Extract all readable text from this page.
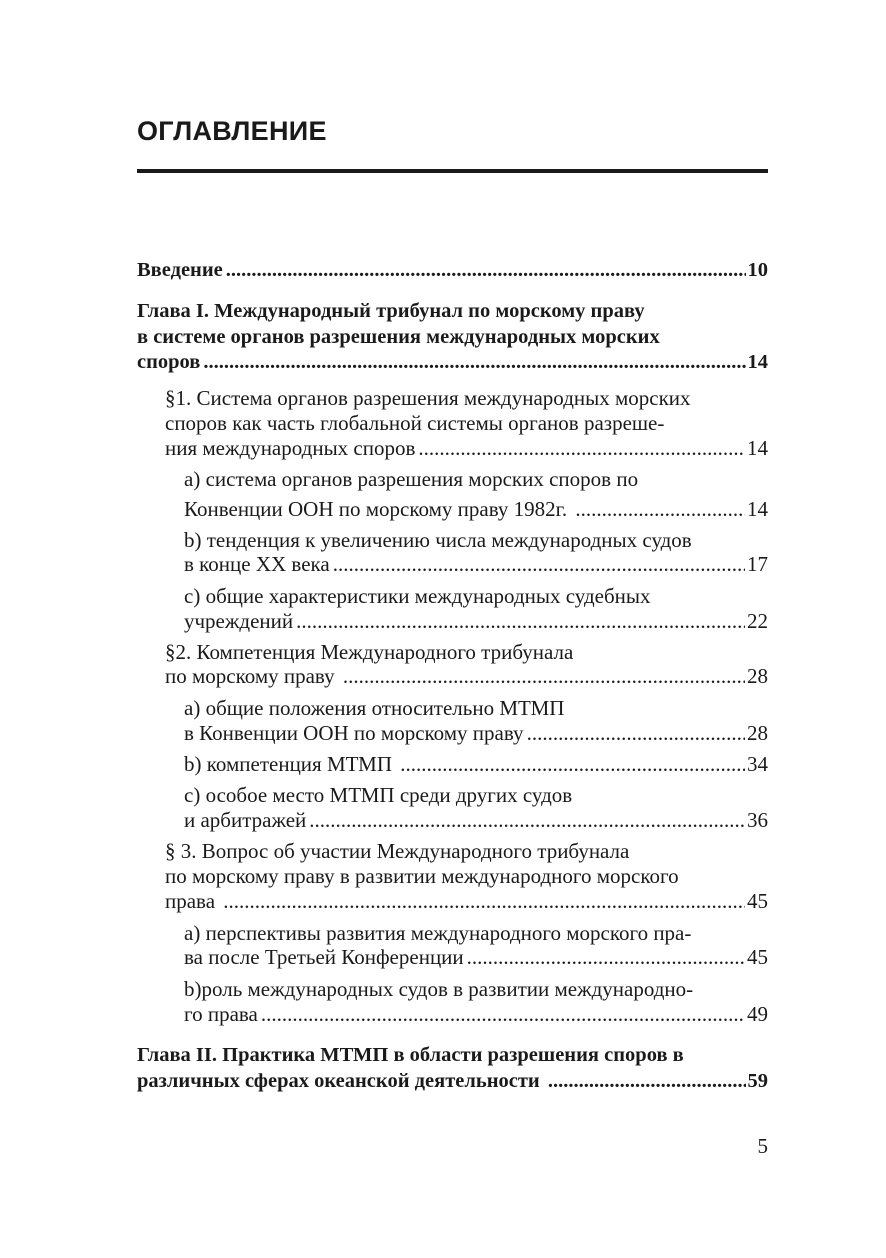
ОГЛАВЛЕНИЕ
Введение .....	10
Глава I. Международный трибунал по морскому праву
в системе органов разрешения международных морских
споров .....	14
§1. Система органов разрешения международных морских
споров как часть глобальной системы органов разреше-
ния международных споров .....	14
a) система органов разрешения морских споров по
Конвенции ООН по морскому праву 1982г. .....	14
b) тенденция к увеличению числа международных судов
в конце XX века .....	17
c) общие характеристики международных судебных
учреждений .....	22
§2. Компетенция Международного трибунала
по морскому праву .....	28
a) общие положения относительно МТМП
в Конвенции ООН по морскому праву .....	28
b) компетенция МТМП .....	34
c) особое место МТМП среди других судов
и арбитражей .....	36
§ 3. Вопрос об участии Международного трибунала
по морскому праву в развитии международного морского
права .....	45
a) перспективы развития международного морского пра-
ва после Третьей Конференции .....	45
b)роль международных судов в развитии международно-
го права .....	49
Глава II. Практика МТМП в области разрешения споров в
различных сферах океанской деятельности .....	59
5
